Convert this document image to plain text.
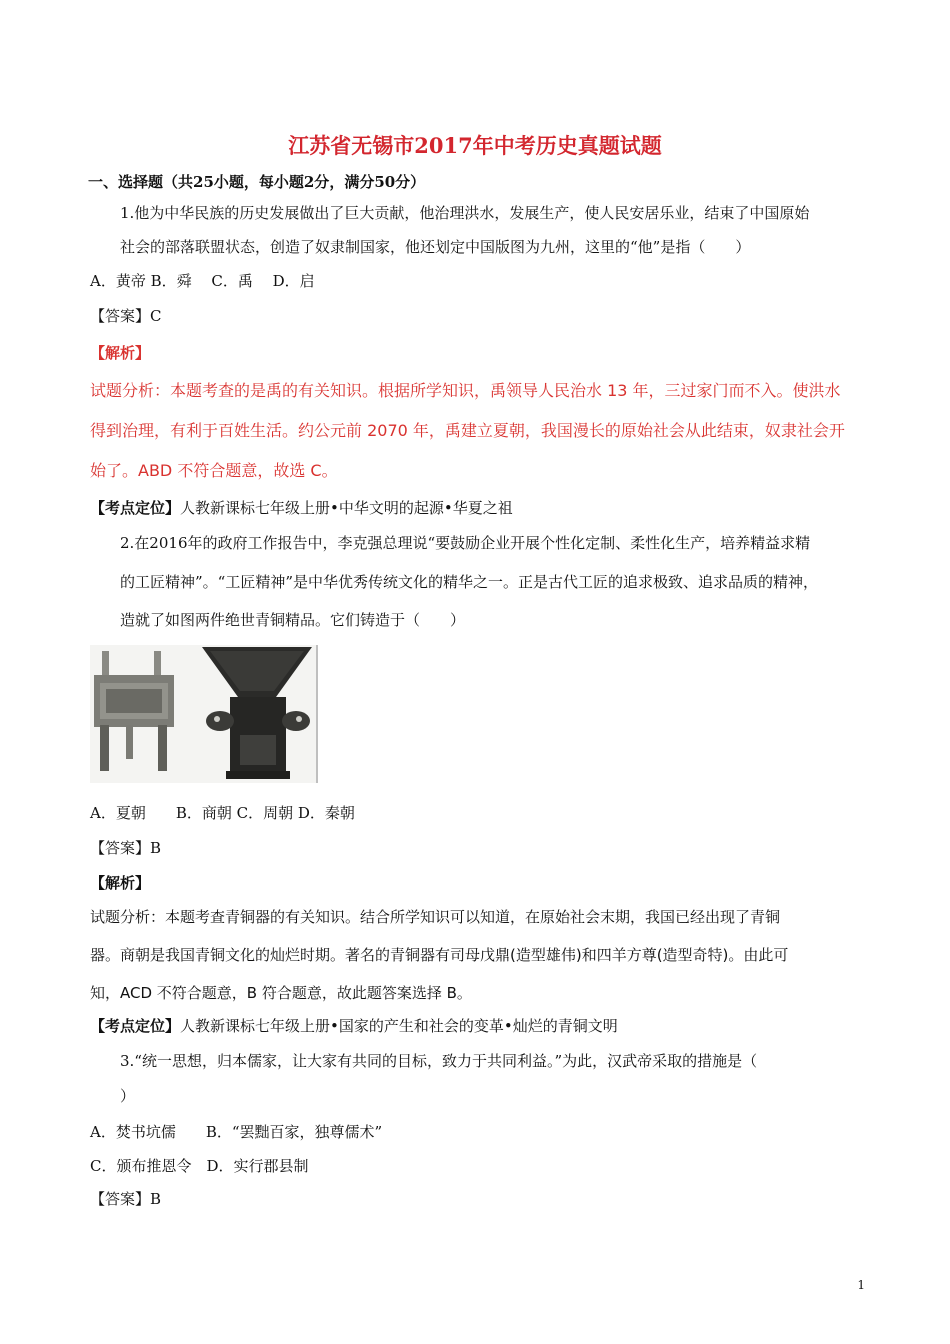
江苏省无锡市2017年中考历史真题试题
一、选择题（共25小题，每小题2分，满分50分）
1.他为中华民族的历史发展做出了巨大贡献，他治理洪水，发展生产，使人民安居乐业，结束了中国原始
社会的部落联盟状态，创造了奴隶制国家，他还划定中国版图为九州，这里的“他”是指（　　）
A．黄帝 B．舜　 C．禹　 D．启
【答案】C
【解析】
试题分析：本题考查的是禹的有关知识。根据所学知识，禹领导人民治水 13 年，三过家门而不入。使洪水
得到治理，有利于百姓生活。约公元前 2070 年，禹建立夏朝，我国漫长的原始社会从此结束，奴隶社会开
始了。ABD 不符合题意，故选 C。
【考点定位】人教新课标七年级上册•中华文明的起源•华夏之祖
2.在2016年的政府工作报告中，李克强总理说“要鼓励企业开展个性化定制、柔性化生产，培养精益求精
的工匠精神”。“工匠精神”是中华优秀传统文化的精华之一。正是古代工匠的追求极致、追求品质的精神，
造就了如图两件绝世青铜精品。它们铸造于（　　）
A．夏朝　　B．商朝 C．周朝 D．秦朝
【答案】B
【解析】
试题分析：本题考查青铜器的有关知识。结合所学知识可以知道，在原始社会末期，我国已经出现了青铜
器。商朝是我国青铜文化的灿烂时期。著名的青铜器有司母戊鼎(造型雄伟)和四羊方尊(造型奇特)。由此可
知，ACD 不符合题意，B 符合题意，故此题答案选择 B。
【考点定位】人教新课标七年级上册•国家的产生和社会的变革•灿烂的青铜文明
3.“统一思想，归本儒家，让大家有共同的目标，致力于共同利益。”为此，汉武帝采取的措施是（
）
A．焚书坑儒　　B．“罢黜百家，独尊儒术”
C．颁布推恩令　D．实行郡县制
【答案】B
1
